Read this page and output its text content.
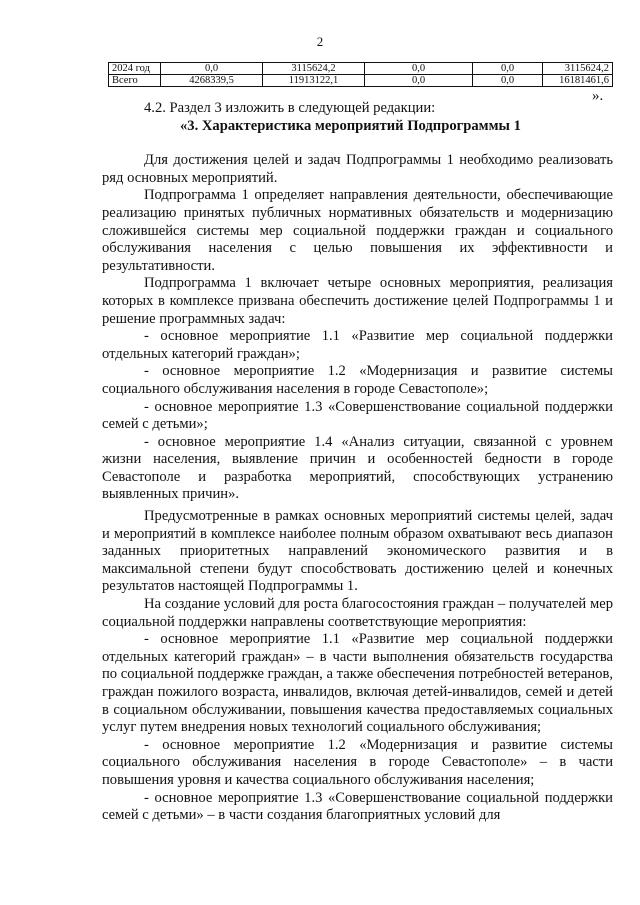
2
2024 год	0,0	3115624,2	0,0	0,0	3115624,2
Всего	4268339,5	11913122,1	0,0	0,0	16181461,6
».

4.2. Раздел 3 изложить в следующей редакции:

«3. Характеристика мероприятий Подпрограммы 1

Для достижения целей и задач Подпрограммы 1 необходимо реализовать ряд основных мероприятий.

Подпрограмма 1 определяет направления деятельности, обеспечивающие реализацию принятых публичных нормативных обязательств и модернизацию сложившейся системы мер социальной поддержки граждан и социального обслуживания населения с целью повышения их эффективности и результативности.

Подпрограмма 1 включает четыре основных мероприятия, реализация которых в комплексе призвана обеспечить достижение целей Подпрограммы 1 и решение программных задач:

- основное мероприятие 1.1 «Развитие мер социальной поддержки отдельных категорий граждан»;

- основное мероприятие 1.2 «Модернизация и развитие системы социального обслуживания населения в городе Севастополе»;

- основное мероприятие 1.3 «Совершенствование социальной поддержки семей с детьми»;

- основное мероприятие 1.4 «Анализ ситуации, связанной с уровнем жизни населения, выявление причин и особенностей бедности в городе Севастополе и разработка мероприятий, способствующих устранению выявленных причин».

Предусмотренные в рамках основных мероприятий системы целей, задач и мероприятий в комплексе наиболее полным образом охватывают весь диапазон заданных приоритетных направлений экономического развития и в максимальной степени будут способствовать достижению целей и конечных результатов настоящей Подпрограммы 1.

На создание условий для роста благосостояния граждан – получателей мер социальной поддержки направлены соответствующие мероприятия:

- основное мероприятие 1.1 «Развитие мер социальной поддержки отдельных категорий граждан» – в части выполнения обязательств государства по социальной поддержке граждан, а также обеспечения потребностей ветеранов, граждан пожилого возраста, инвалидов, включая детей-инвалидов, семей и детей в социальном обслуживании, повышения качества предоставляемых социальных услуг путем внедрения новых технологий социального обслуживания;

- основное мероприятие 1.2 «Модернизация и развитие системы социального обслуживания населения в городе Севастополе» – в части повышения уровня и качества социального обслуживания населения;

- основное мероприятие 1.3 «Совершенствование социальной поддержки семей с детьми» – в части создания благоприятных условий для
